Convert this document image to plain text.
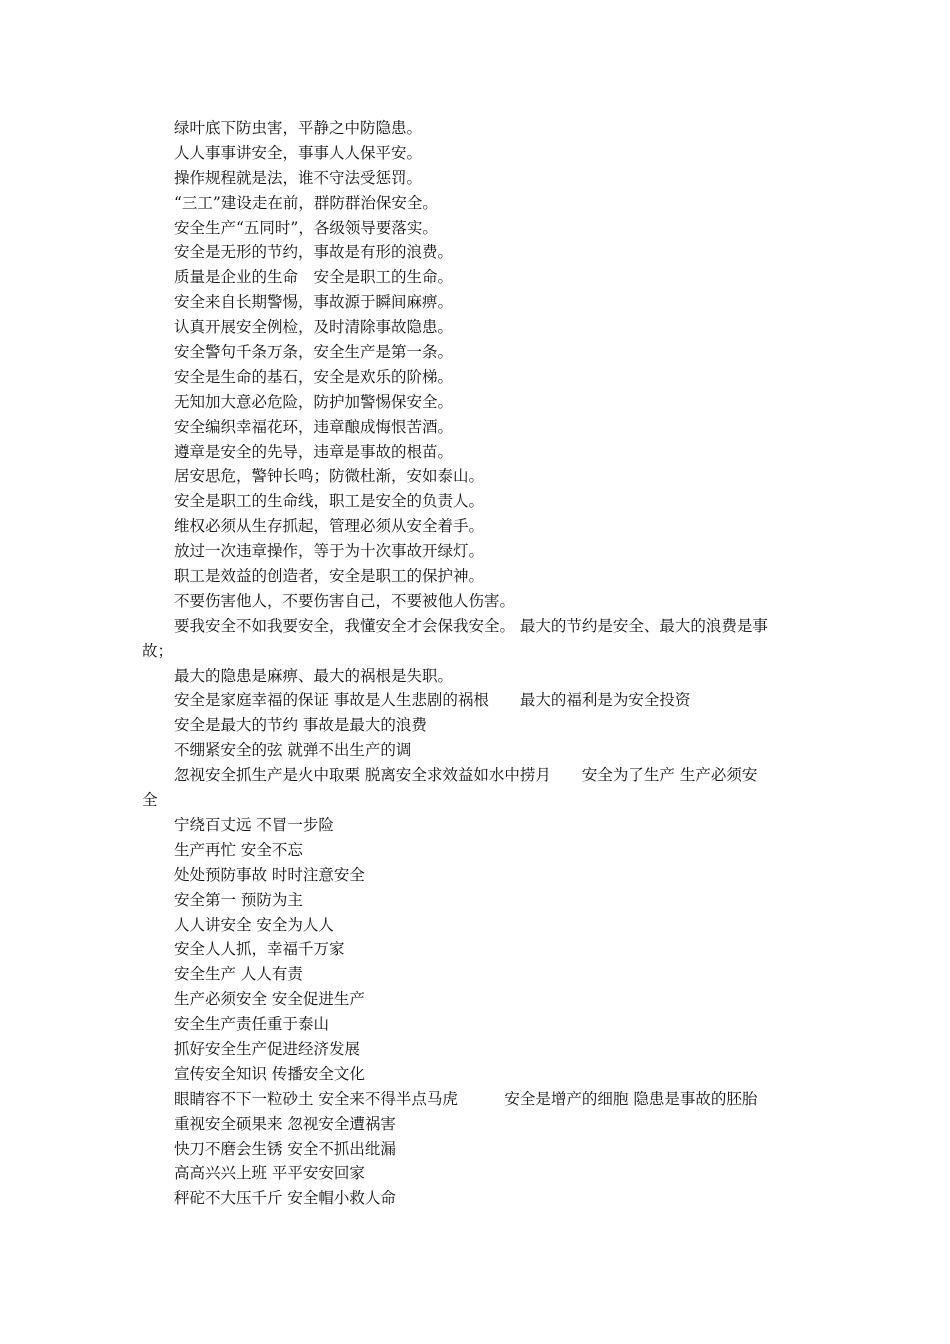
绿叶底下防虫害，平静之中防隐患。
人人事事讲安全，事事人人保平安。
操作规程就是法，谁不守法受惩罚。
“三工”建设走在前，群防群治保安全。
安全生产“五同时”，各级领导要落实。
安全是无形的节约，事故是有形的浪费。
质量是企业的生命　安全是职工的生命。
安全来自长期警惕，事故源于瞬间麻痹。
认真开展安全例检，及时清除事故隐患。
安全警句千条万条，安全生产是第一条。
安全是生命的基石，安全是欢乐的阶梯。
无知加大意必危险，防护加警惕保安全。
安全编织幸福花环，违章酿成悔恨苦酒。
遵章是安全的先导，违章是事故的根苗。
居安思危，警钟长鸣；防微杜渐，安如泰山。
安全是职工的生命线，职工是安全的负责人。
维权必须从生存抓起，管理必须从安全着手。
放过一次违章操作，等于为十次事故开绿灯。
职工是效益的创造者，安全是职工的保护神。
不要伤害他人，不要伤害自己，不要被他人伤害。
要我安全不如我要安全，我懂安全才会保我安全。 最大的节约是安全、最大的浪费是事
故；
最大的隐患是麻痹、最大的祸根是失职。
安全是家庭幸福的保证 事故是人生悲剧的祸根　　最大的福利是为安全投资
安全是最大的节约 事故是最大的浪费
不绷紧安全的弦 就弹不出生产的调
忽视安全抓生产是火中取栗 脱离安全求效益如水中捞月　　安全为了生产 生产必须安
全
宁绕百丈远 不冒一步险
生产再忙 安全不忘
处处预防事故 时时注意安全
安全第一 预防为主
人人讲安全 安全为人人
安全人人抓，幸福千万家
安全生产 人人有责
生产必须安全 安全促进生产
安全生产责任重于泰山
抓好安全生产促进经济发展
宣传安全知识 传播安全文化
眼睛容不下一粒砂土 安全来不得半点马虎　　　安全是增产的细胞 隐患是事故的胚胎
重视安全硕果来 忽视安全遭祸害
快刀不磨会生锈 安全不抓出纰漏
高高兴兴上班 平平安安回家
秤砣不大压千斤 安全帽小救人命
